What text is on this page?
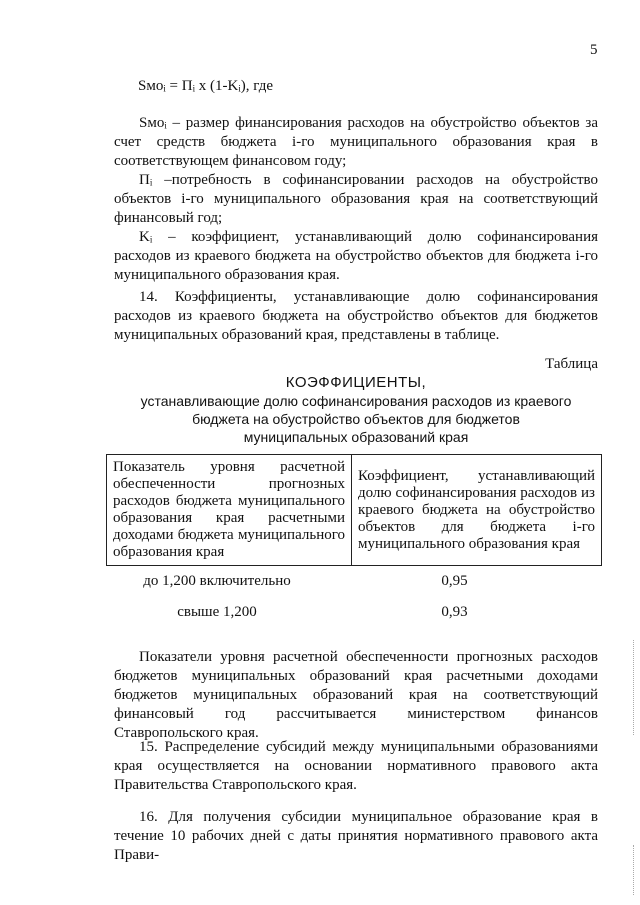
5
Sмоᵢ = Пᵢ x (1-Kᵢ), где
Sмоᵢ – размер финансирования расходов на обустройство объектов за счет средств бюджета i-го муниципального образования края в соответствующем финансовом году;
Пᵢ –потребность в софинансировании расходов на обустройство объектов i-го муниципального образования края на соответствующий финансовый год;
Kᵢ – коэффициент, устанавливающий долю софинансирования расходов из краевого бюджета на обустройство объектов для бюджета i-го муниципального образования края.
14. Коэффициенты, устанавливающие долю софинансирования расходов из краевого бюджета на обустройство объектов для бюджетов муниципальных образований края, представлены в таблице.
Таблица
КОЭФФИЦИЕНТЫ,
устанавливающие долю софинансирования расходов из краевого
бюджета на обустройство объектов для бюджетов
муниципальных образований края
Показатель уровня расчетной обеспеченности прогнозных расходов бюджета муниципального образования края расчетными доходами бюджета муниципального образования края	Коэффициент, устанавливающий долю софинансирования расходов из краевого бюджета на обустройство объектов для бюджета i-го муниципального образования края
до 1,200 включительно	0,95
свыше 1,200	0,93
Показатели уровня расчетной обеспеченности прогнозных расходов бюджетов муниципальных образований края расчетными доходами бюджетов муниципальных образований края на соответствующий финансовый год рассчитывается министерством финансов Ставропольского края.
15. Распределение субсидий между муниципальными образованиями края осуществляется на основании нормативного правового акта Правительства Ставропольского края.
16. Для получения субсидии муниципальное образование края в течение 10 рабочих дней с даты принятия нормативного правового акта Прави-
